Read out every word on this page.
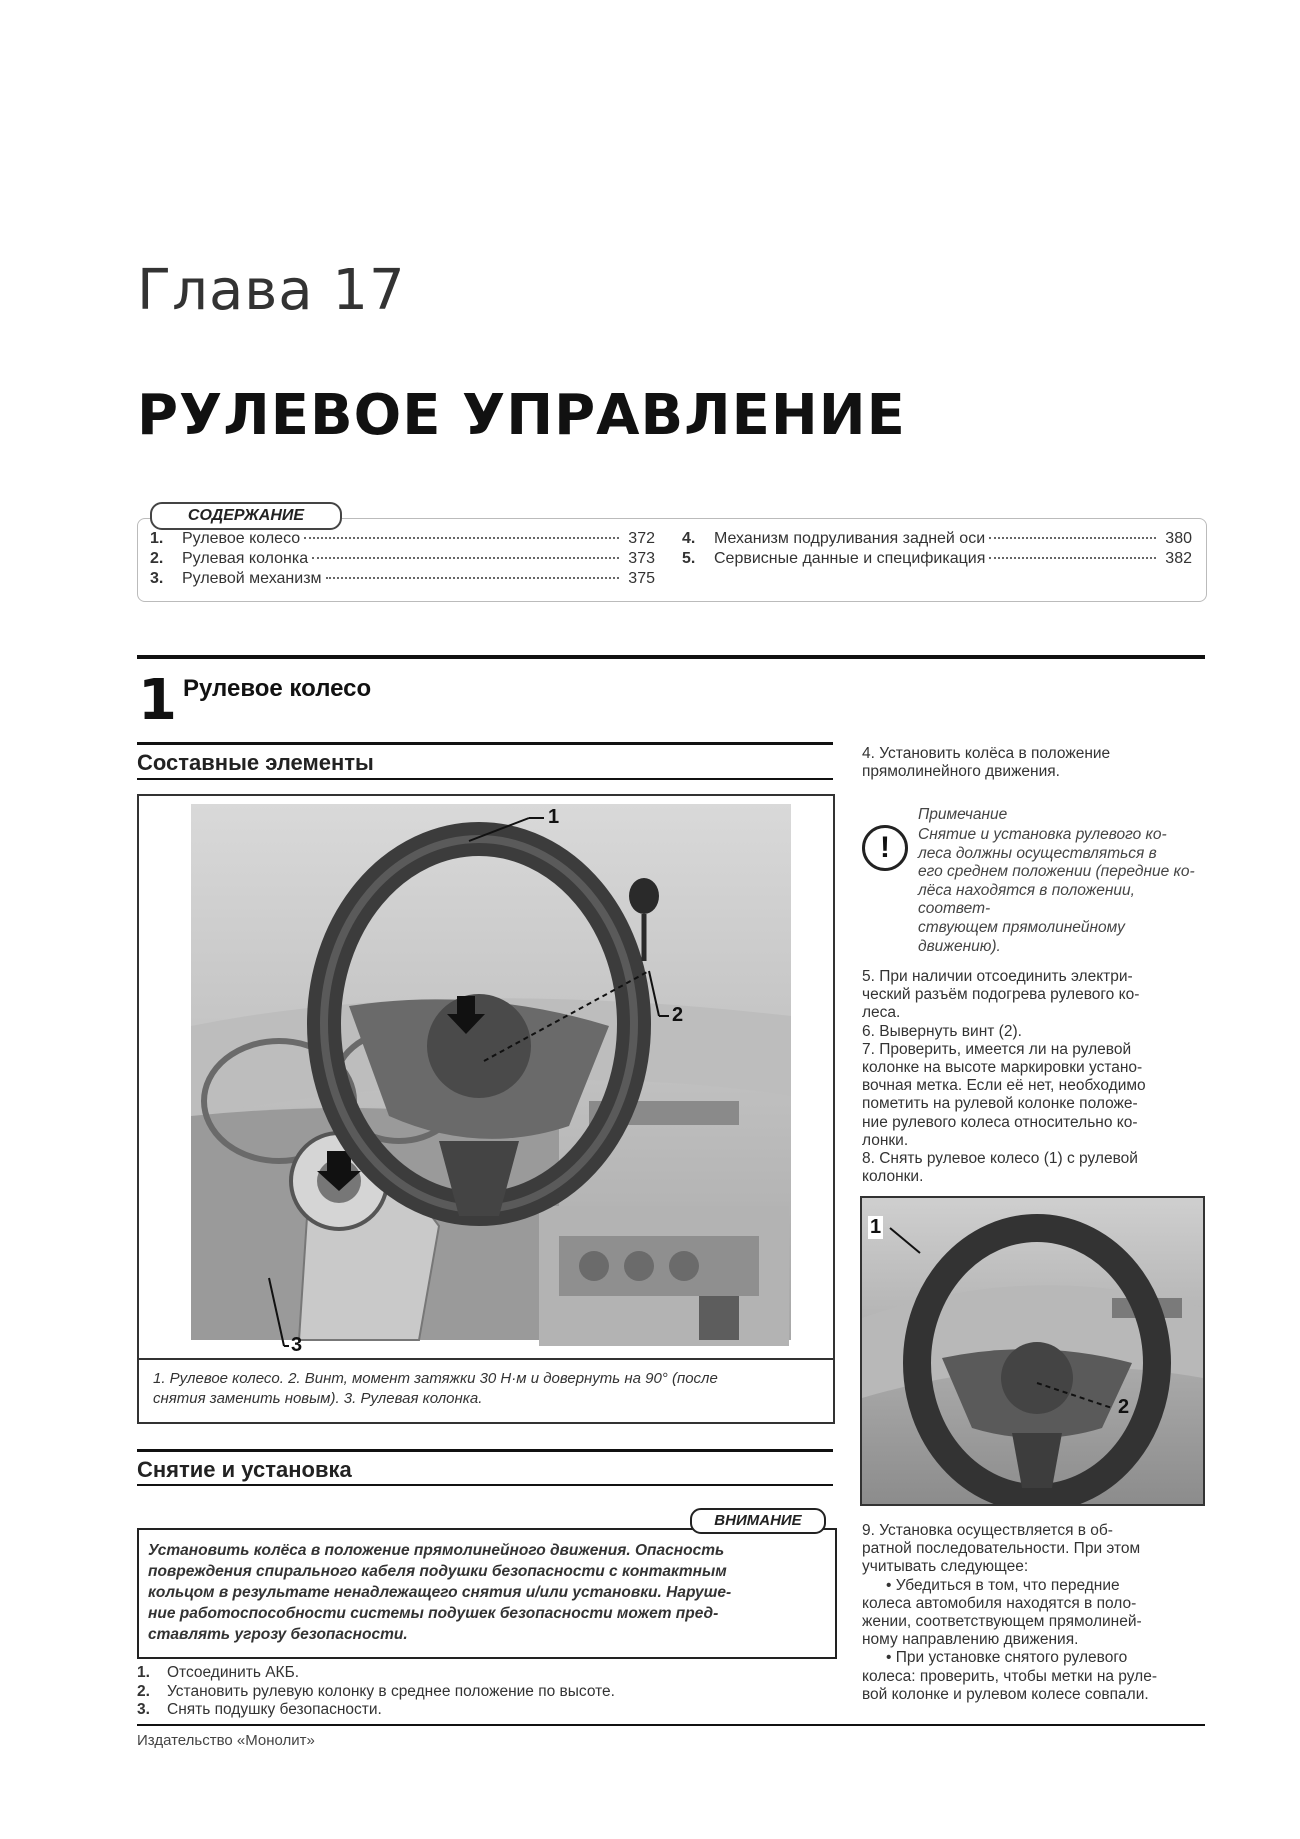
Глава 17
РУЛЕВОЕ УПРАВЛЕНИЕ
СОДЕРЖАНИЕ
1.	Рулевое колесо	372
2.	Рулевая колонка	373
3.	Рулевой механизм	375
4.	Механизм подруливания задней оси	380
5.	Сервисные данные и спецификация	382
1 Рулевое колесо
Составные элементы
1
2
3
1. Рулевое колесо. 2. Винт, момент затяжки 30 Н·м и довернуть на 90° (после
снятия заменить новым). 3. Рулевая колонка.
Снятие и установка
ВНИМАНИЕ
Установить колёса в положение прямолинейного движения. Опасность
повреждения спирального кабеля подушки безопасности с контактным
кольцом в результате ненадлежащего снятия и/или установки. Наруше-
ние работоспособности системы подушек безопасности может пред-
ставлять угрозу безопасности.
1. Отсоединить АКБ.
2. Установить рулевую колонку в среднее положение по высоте.
3. Снять подушку безопасности.
4. Установить колёса в положение
прямолинейного движения.
!
Примечание
Снятие и установка рулевого ко-
леса должны осуществляться в
его среднем положении (передние ко-
лёса находятся в положении, соответ-
ствующем прямолинейному движению).
5. При наличии отсоединить электри-
ческий разъём подогрева рулевого ко-
леса.
6. Вывернуть винт (2).
7. Проверить, имеется ли на рулевой
колонке на высоте маркировки устано-
вочная метка. Если её нет, необходимо
пометить на рулевой колонке положе-
ние рулевого колеса относительно ко-
лонки.
8. Снять рулевое колесо (1) с рулевой
колонки.
1
2
9. Установка осуществляется в об-
ратной последовательности. При этом
учитывать следующее:
• Убедиться в том, что передние
колеса автомобиля находятся в поло-
жении, соответствующем прямолиней-
ному направлению движения.
• При установке снятого рулевого
колеса: проверить, чтобы метки на руле-
вой колонке и рулевом колесе совпали.
Издательство «Монолит»
